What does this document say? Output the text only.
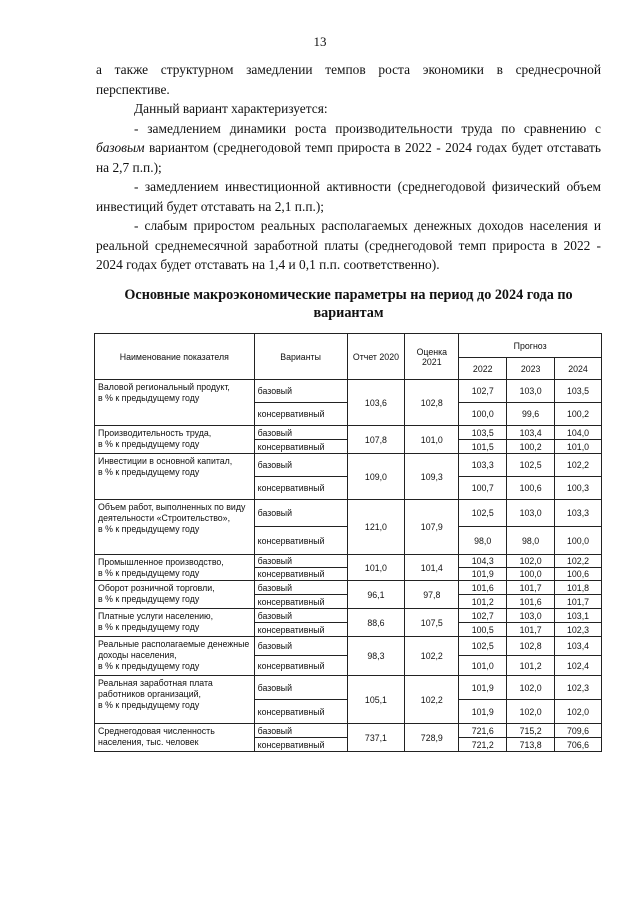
13
а также структурном замедлении темпов роста экономики в среднесрочной перспективе.
Данный вариант характеризуется:
- замедлением динамики роста производительности труда по сравнению с базовым вариантом (среднегодовой темп прироста в 2022 - 2024 годах будет отставать на 2,7 п.п.);
- замедлением инвестиционной активности (среднегодовой физический объем инвестиций будет отставать на 2,1 п.п.);
- слабым приростом реальных располагаемых денежных доходов населения и реальной среднемесячной заработной платы (среднегодовой темп прироста в 2022 - 2024 годах будет отставать на 1,4 и 0,1 п.п. соответственно).
Основные макроэкономические параметры на период до 2024 года по вариантам
Наименование показателя	Варианты	Отчет 2020	Оценка 2021	Прогноз		
				2022	2023	2024
Валовой региональный продукт,
в % к предыдущему году	базовый	103,6	102,8	102,7	103,0	103,5
	консервативный			100,0	99,6	100,2
Производительность труда,
в % к предыдущему году	базовый	107,8	101,0	103,5	103,4	104,0
	консервативный			101,5	100,2	101,0
Инвестиции в основной капитал,
в % к предыдущему году	базовый	109,0	109,3	103,3	102,5	102,2
	консервативный			100,7	100,6	100,3
Объем работ, выполненных по виду деятельности «Строительство»,
в % к предыдущему году	базовый	121,0	107,9	102,5	103,0	103,3
	консервативный			98,0	98,0	100,0
Промышленное производство,
в % к предыдущему году	базовый	101,0	101,4	104,3	102,0	102,2
	консервативный			101,9	100,0	100,6
Оборот розничной торговли,
в % к предыдущему году	базовый	96,1	97,8	101,6	101,7	101,8
	консервативный			101,2	101,6	101,7
Платные услуги населению,
в % к предыдущему году	базовый	88,6	107,5	102,7	103,0	103,1
	консервативный			100,5	101,7	102,3
Реальные располагаемые денежные доходы населения,
в % к предыдущему году	базовый	98,3	102,2	102,5	102,8	103,4
	консервативный			101,0	101,2	102,4
Реальная заработная плата работников организаций,
в % к предыдущему году	базовый	105,1	102,2	101,9	102,0	102,3
	консервативный			101,9	102,0	102,0
Среднегодовая численность населения, тыс. человек	базовый	737,1	728,9	721,6	715,2	709,6
	консервативный			721,2	713,8	706,6
